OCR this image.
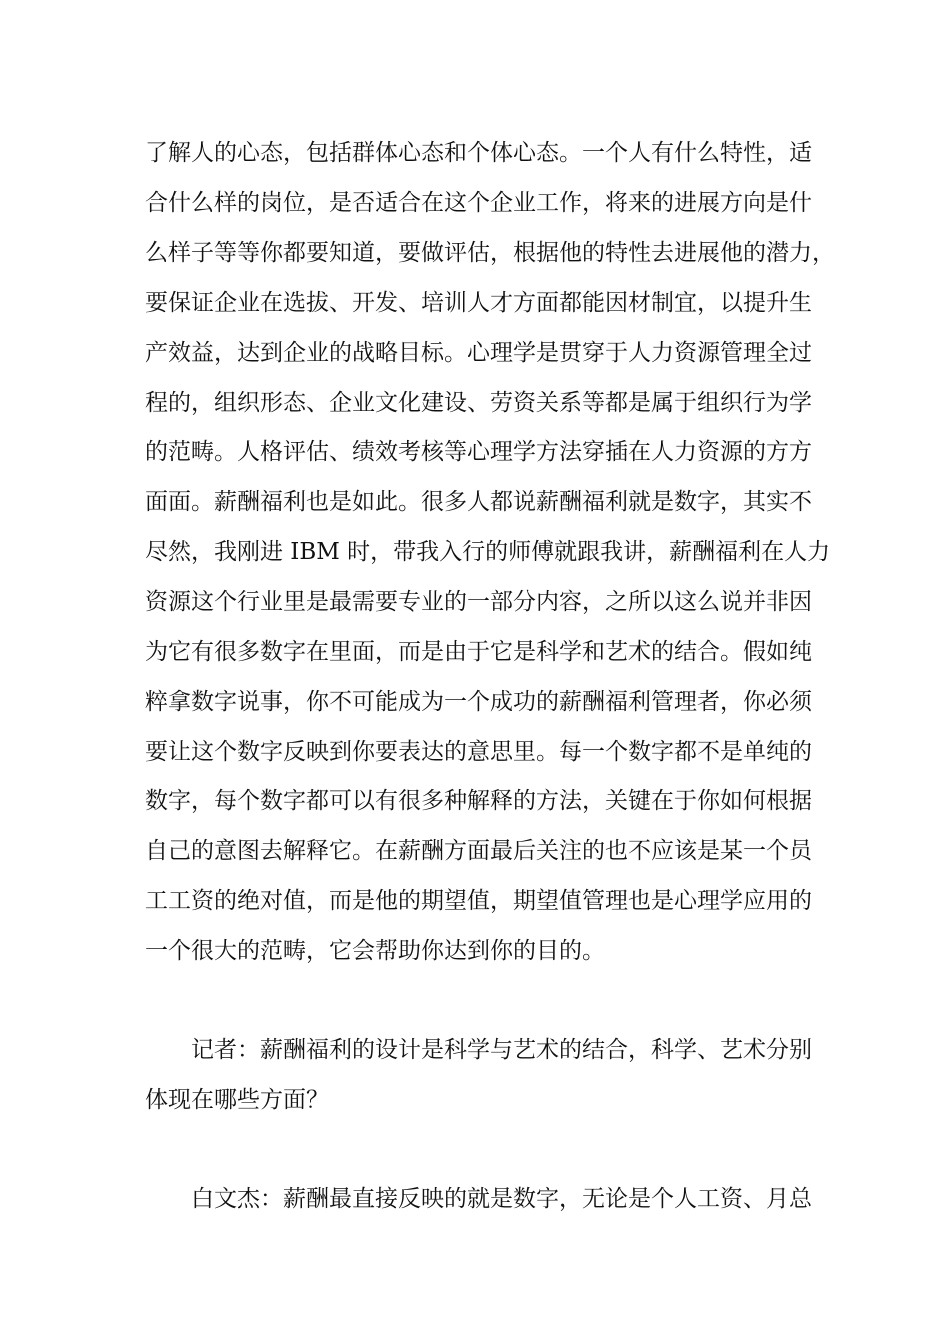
了解人的心态，包括群体心态和个体心态。一个人有什么特性，适
合什么样的岗位，是否适合在这个企业工作，将来的进展方向是什
么样子等等你都要知道，要做评估，根据他的特性去进展他的潜力，
要保证企业在选拔、开发、培训人才方面都能因材制宜，以提升生
产效益，达到企业的战略目标。心理学是贯穿于人力资源管理全过
程的，组织形态、企业文化建设、劳资关系等都是属于组织行为学
的范畴。人格评估、绩效考核等心理学方法穿插在人力资源的方方
面面。薪酬福利也是如此。很多人都说薪酬福利就是数字，其实不
尽然，我刚进 IBM 时，带我入行的师傅就跟我讲，薪酬福利在人力
资源这个行业里是最需要专业的一部分内容，之所以这么说并非因
为它有很多数字在里面，而是由于它是科学和艺术的结合。假如纯
粹拿数字说事，你不可能成为一个成功的薪酬福利管理者，你必须
要让这个数字反映到你要表达的意思里。每一个数字都不是单纯的
数字，每个数字都可以有很多种解释的方法，关键在于你如何根据
自己的意图去解释它。在薪酬方面最后关注的也不应该是某一个员
工工资的绝对值，而是他的期望值，期望值管理也是心理学应用的
一个很大的范畴，它会帮助你达到你的目的。
记者：薪酬福利的设计是科学与艺术的结合，科学、艺术分别
体现在哪些方面？
白文杰：薪酬最直接反映的就是数字，无论是个人工资、月总
